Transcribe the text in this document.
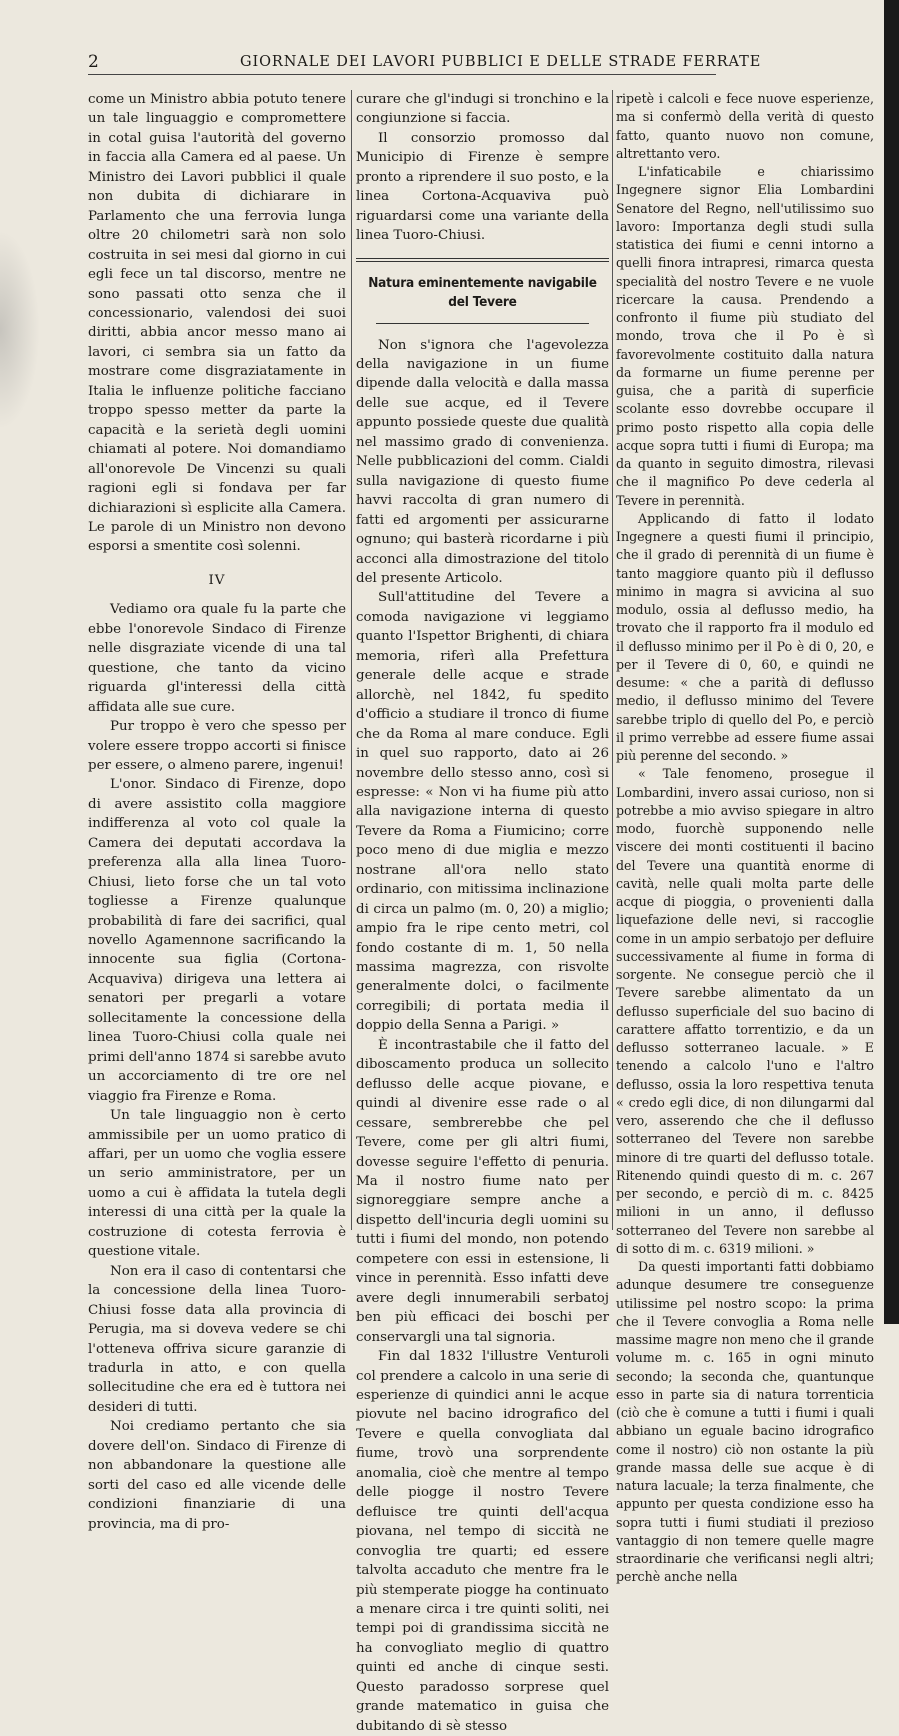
2	GIORNALE DEI LAVORI PUBBLICI E DELLE STRADE FERRATE

come un Ministro abbia potuto tenere un tale linguaggio e compromettere in cotal guisa l'autorità del governo in faccia alla Camera ed al paese. Un Ministro dei Lavori pubblici il quale non dubita di dichiarare in Parlamento che una ferrovia lunga oltre 20 chilometri sarà non solo costruita in sei mesi dal giorno in cui egli fece un tal discorso, mentre ne sono passati otto senza che il concessionario, valendosi dei suoi diritti, abbia ancor messo mano ai lavori, ci sembra sia un fatto da mostrare come disgraziatamente in Italia le influenze politiche facciano troppo spesso metter da parte la capacità e la serietà degli uomini chiamati al potere. Noi domandiamo all'onorevole De Vincenzi su quali ragioni egli si fondava per far dichiarazioni sì esplicite alla Camera. Le parole di un Ministro non devono esporsi a smentite così solenni.

IV

Vediamo ora quale fu la parte che ebbe l'onorevole Sindaco di Firenze nelle disgraziate vicende di una tal questione, che tanto da vicino riguarda gl'interessi della città affidata alle sue cure.

Pur troppo è vero che spesso per volere essere troppo accorti si finisce per essere, o almeno parere, ingenui!

L'onor. Sindaco di Firenze, dopo di avere assistito colla maggiore indifferenza al voto col quale la Camera dei deputati accordava la preferenza alla alla linea Tuoro-Chiusi, lieto forse che un tal voto togliesse a Firenze qualunque probabilità di fare dei sacrifici, qual novello Agamennone sacrificando la innocente sua figlia (Cortona-Acquaviva) dirigeva una lettera ai senatori per pregarli a votare sollecitamente la concessione della linea Tuoro-Chiusi colla quale nei primi dell'anno 1874 si sarebbe avuto un accorciamento di tre ore nel viaggio fra Firenze e Roma.

Un tale linguaggio non è certo ammissibile per un uomo pratico di affari, per un uomo che voglia essere un serio amministratore, per un uomo a cui è affidata la tutela degli interessi di una città per la quale la costruzione di cotesta ferrovia è questione vitale.

Non era il caso di contentarsi che la concessione della linea Tuoro-Chiusi fosse data alla provincia di Perugia, ma si doveva vedere se chi l'otteneva offriva sicure garanzie di tradurla in atto, e con quella sollecitudine che era ed è tuttora nei desideri di tutti.

Noi crediamo pertanto che sia dovere dell'on. Sindaco di Firenze di non abbandonare la questione alle sorti del caso ed alle vicende delle condizioni finanziarie di una provincia, ma di pro-

curare che gl'indugi si tronchino e la congiunzione si faccia.

Il consorzio promosso dal Municipio di Firenze è sempre pronto a riprendere il suo posto, e la linea Cortona-Acquaviva può riguardarsi come una variante della linea Tuoro-Chiusi.

Natura eminentemente navigabile del Tevere

Non s'ignora che l'agevolezza della navigazione in un fiume dipende dalla velocità e dalla massa delle sue acque, ed il Tevere appunto possiede queste due qualità nel massimo grado di convenienza. Nelle pubblicazioni del comm. Cialdi sulla navigazione di questo fiume havvi raccolta di gran numero di fatti ed argomenti per assicurarne ognuno; qui basterà ricordarne i più acconci alla dimostrazione del titolo del presente Articolo.

Sull'attitudine del Tevere a comoda navigazione vi leggiamo quanto l'Ispettor Brighenti, di chiara memoria, riferì alla Prefettura generale delle acque e strade allorchè, nel 1842, fu spedito d'officio a studiare il tronco di fiume che da Roma al mare conduce. Egli in quel suo rapporto, dato ai 26 novembre dello stesso anno, così si espresse: « Non vi ha fiume più atto alla navigazione interna di questo Tevere da Roma a Fiumicino; corre poco meno di due miglia e mezzo nostrane all'ora nello stato ordinario, con mitissima inclinazione di circa un palmo (m. 0, 20) a miglio; ampio fra le ripe cento metri, col fondo costante di m. 1, 50 nella massima magrezza, con risvolte generalmente dolci, o facilmente corregibili; di portata media il doppio della Senna a Parigi. »

È incontrastabile che il fatto del diboscamento produca un sollecito deflusso delle acque piovane, e quindi al divenire esse rade o al cessare, sembrerebbe che pel Tevere, come per gli altri fiumi, dovesse seguire l'effetto di penuria. Ma il nostro fiume nato per signoreggiare sempre anche a dispetto dell'incuria degli uomini su tutti i fiumi del mondo, non potendo competere con essi in estensione, li vince in perennità. Esso infatti deve avere degli innumerabili serbatoj ben più efficaci dei boschi per conservargli una tal signoria.

Fin dal 1832 l'illustre Venturoli col prendere a calcolo in una serie di esperienze di quindici anni le acque piovute nel bacino idrografico del Tevere e quella convogliata dal fiume, trovò una sorprendente anomalia, cioè che mentre al tempo delle piogge il nostro Tevere defluisce tre quinti dell'acqua piovana, nel tempo di siccità ne convoglia tre quarti; ed essere talvolta accaduto che mentre fra le più stemperate piogge ha continuato a menare circa i tre quinti soliti, nei tempi poi di grandissima siccità ne ha convogliato meglio di quattro quinti ed anche di cinque sesti. Questo paradosso sorprese quel grande matematico in guisa che dubitando di sè stesso

ripetè i calcoli e fece nuove esperienze, ma si confermò della verità di questo fatto, quanto nuovo non comune, altrettanto vero.

L'infaticabile e chiarissimo Ingegnere signor Elia Lombardini Senatore del Regno, nell'utilissimo suo lavoro: Importanza degli studi sulla statistica dei fiumi e cenni intorno a quelli finora intrapresi, rimarca questa specialità del nostro Tevere e ne vuole ricercare la causa. Prendendo a confronto il fiume più studiato del mondo, trova che il Po è sì favorevolmente costituito dalla natura da formarne un fiume perenne per guisa, che a parità di superficie scolante esso dovrebbe occupare il primo posto rispetto alla copia delle acque sopra tutti i fiumi di Europa; ma da quanto in seguito dimostra, rilevasi che il magnifico Po deve cederla al Tevere in perennità.

Applicando di fatto il lodato Ingegnere a questi fiumi il principio, che il grado di perennità di un fiume è tanto maggiore quanto più il deflusso minimo in magra si avvicina al suo modulo, ossia al deflusso medio, ha trovato che il rapporto fra il modulo ed il deflusso minimo per il Po è di 0, 20, e per il Tevere di 0, 60, e quindi ne desume: « che a parità di deflusso medio, il deflusso minimo del Tevere sarebbe triplo di quello del Po, e perciò il primo verrebbe ad essere fiume assai più perenne del secondo. »

« Tale fenomeno, prosegue il Lombardini, invero assai curioso, non si potrebbe a mio avviso spiegare in altro modo, fuorchè supponendo nelle viscere dei monti costituenti il bacino del Tevere una quantità enorme di cavità, nelle quali molta parte delle acque di pioggia, o provenienti dalla liquefazione delle nevi, si raccoglie come in un ampio serbatojo per defluire successivamente al fiume in forma di sorgente. Ne conseguе perciò che il Tevere sarebbe alimentato da un deflusso superficiale del suo bacino di carattere affatto torrentizio, e da un deflusso sotterraneo lacuale. » E tenendo a calcolo l'uno e l'altro deflusso, ossia la loro respettiva tenuta « credo egli dice, di non dilungarmi dal vero, asserendo che che il deflusso sotterraneo del Tevere non sarebbe minore di tre quarti del deflusso totale. Ritenendo quindi questo di m. c. 267 per secondo, e perciò di m. c. 8425 milioni in un anno, il deflusso sotterraneo del Tevere non sarebbe al di sotto di m. c. 6319 milioni. »

Da questi importanti fatti dobbiamo adunque desumere tre conseguenze utilissime pel nostro scopo: la prima che il Tevere convoglia a Roma nelle massime magre non meno che il grande volume m. c. 165 in ogni minuto secondo; la seconda che, quantunque esso in parte sia di natura torrenticia (ciò che è comune a tutti i fiumi i quali abbiano un eguale bacino idrografico come il nostro) ciò non ostante la più grande massa delle sue acque è di natura lacuale; la terza finalmente, che appunto per questa condizione esso ha sopra tutti i fiumi studiati il prezioso vantaggio di non temere quelle magre straordinarie che verificansi negli altri; perchè anche nella
